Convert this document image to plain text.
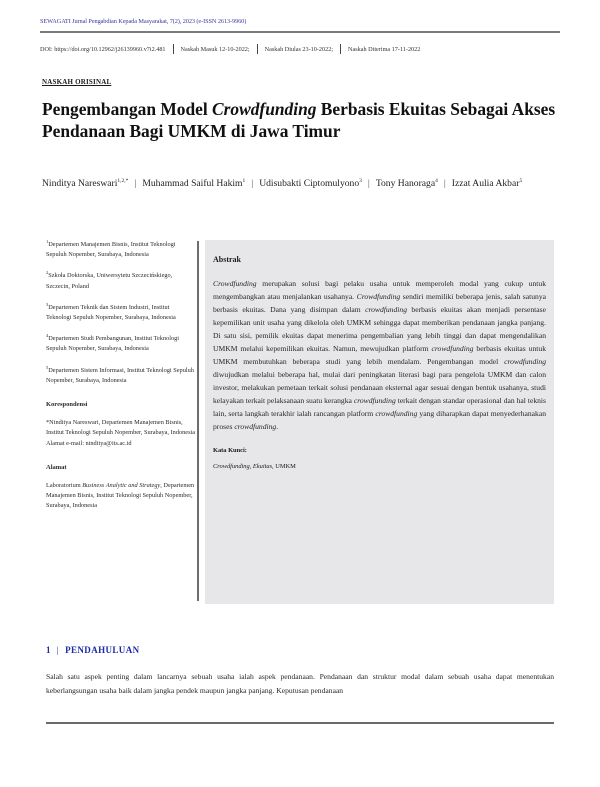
SEWAGATI Jurnal Pengabdian Kepada Masyarakat, 7(2), 2023 (e-ISSN 2613-9960)
DOI: https://doi.org/10.12962/j26139960.v7i2.481 Naskah Masuk 12-10-2022; Naskah Diulas 23-10-2022; Naskah Diterima 17-11-2022
NASKAH ORISINAL
Pengembangan Model Crowdfunding Berbasis Ekuitas Sebagai Akses Pendanaan Bagi UMKM di Jawa Timur
Ninditya Nareswari$^{1,2,*}$ | Muhammad Saiful Hakim$^1$ | Udisubakti Ciptomulyono$^3$ | Tony Hanoraga$^4$ | Izzat Aulia Akbar$^5$
$^1$Departemen Manajemen Bisnis, Institut Teknologi Sepuluh Nopember, Surabaya, Indonesia
$^2$Szkoła Doktorska, Uniwersytetu Szczecińskiego, Szczecin, Poland
$^3$Departemen Teknik dan Sistem Industri, Institut Teknologi Sepuluh Nopember, Surabaya, Indonesia
$^4$Departemen Studi Pembangunan, Institut Teknologi Sepuluh Nopember, Surabaya, Indonesia
$^5$Departemen Sistem Informasi, Institut Teknologi Sepuluh Nopember, Surabaya, Indonesia
Korespondensi
*Ninditya Nareswari, Departemen Manajemen Bisnis, Institut Teknologi Sepuluh Nopember, Surabaya, Indonesia Alamat e-mail: ninditya@its.ac.id
Alamat
Laboratorium Business Analytic and Strategy, Departemen Manajemen Bisnis, Institut Teknologi Sepuluh Nopember, Surabaya, Indonesia
Abstrak
Crowdfunding merupakan solusi bagi pelaku usaha untuk memperoleh modal yang cukup untuk mengembangkan atau menjalankan usahanya. Crowdfunding sendiri memiliki beberapa jenis, salah satunya berbasis ekuitas. Dana yang disimpan dalam crowdfunding berbasis ekuitas akan menjadi persentase kepemilikan unit usaha yang dikelola oleh UMKM sehingga dapat memberikan pendanaan jangka panjang. Di satu sisi, pemilik ekuitas dapat menerima pengembalian yang lebih tinggi dan dapat mengendalikan UMKM melalui kepemilikan ekuitas. Namun, mewujudkan platform crowdfunding berbasis ekuitas untuk UMKM membutuhkan beberapa studi yang lebih mendalam. Pengembangan model crowdfunding diwujudkan melalui beberapa hal, mulai dari peningkatan literasi bagi para pengelola UMKM dan calon investor, melakukan pemetaan terkait solusi pendanaan eksternal agar sesuai dengan bentuk usahanya, studi kelayakan terkait pelaksanaan suatu kerangka crowdfunding terkait dengan standar operasional dan hal teknis lain, serta langkah terakhir ialah rancangan platform crowdfunding yang diharapkan dapat menyederhanakan proses crowdfunding.
Kata Kunci:
Crowdfunding, Ekuitas, UMKM
1 | PENDAHULUAN
Salah satu aspek penting dalam lancarnya sebuah usaha ialah aspek pendanaan. Pendanaan dan struktur modal dalam sebuah usaha dapat menentukan keberlangsungan usaha baik dalam jangka pendek maupun jangka panjang. Keputusan pendanaan
